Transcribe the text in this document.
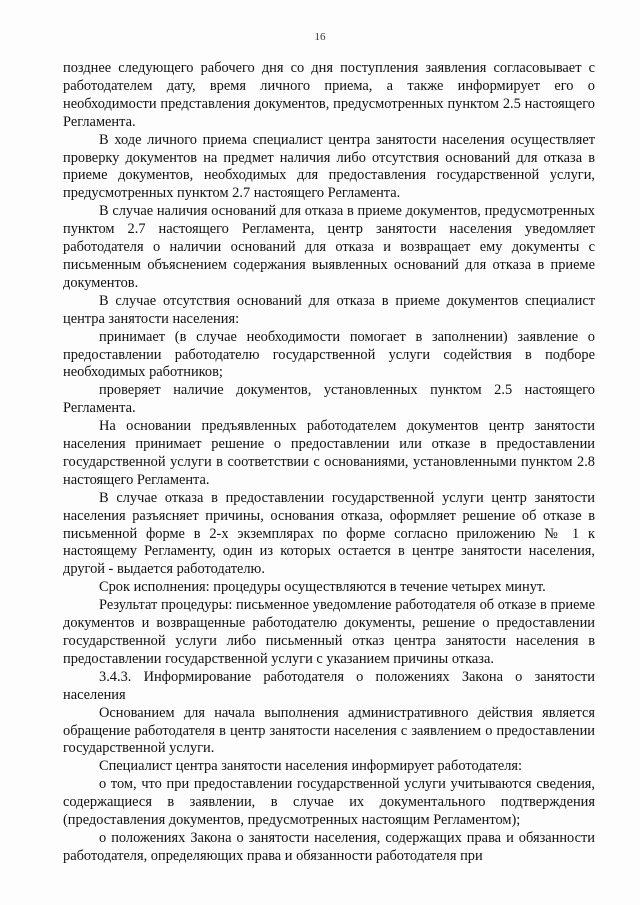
16

позднее следующего рабочего дня со дня поступления заявления согласовывает с работодателем дату, время личного приема, а также информирует его о необходимости представления документов, предусмотренных пунктом 2.5 настоящего Регламента.

В ходе личного приема специалист центра занятости населения осуществляет проверку документов на предмет наличия либо отсутствия оснований для отказа в приеме документов, необходимых для предоставления государственной услуги, предусмотренных пунктом 2.7 настоящего Регламента.

В случае наличия оснований для отказа в приеме документов, предусмотренных пунктом 2.7 настоящего Регламента, центр занятости населения уведомляет работодателя о наличии оснований для отказа и возвращает ему документы с письменным объяснением содержания выявленных оснований для отказа в приеме документов.

В случае отсутствия оснований для отказа в приеме документов специалист центра занятости населения:

принимает (в случае необходимости помогает в заполнении) заявление о предоставлении работодателю государственной услуги содействия в подборе необходимых работников;

проверяет наличие документов, установленных пунктом 2.5 настоящего Регламента.

На основании предъявленных работодателем документов центр занятости населения принимает решение о предоставлении или отказе в предоставлении государственной услуги в соответствии с основаниями, установленными пунктом 2.8 настоящего Регламента.

В случае отказа в предоставлении государственной услуги центр занятости населения разъясняет причины, основания отказа, оформляет решение об отказе в письменной форме в 2-х экземплярах по форме согласно приложению № 1 к настоящему Регламенту, один из которых остается в центре занятости населения, другой - выдается работодателю.

Срок исполнения: процедуры осуществляются в течение четырех минут.

Результат процедуры: письменное уведомление работодателя об отказе в приеме документов и возвращенные работодателю документы, решение о предоставлении государственной услуги либо письменный отказ центра занятости населения в предоставлении государственной услуги с указанием причины отказа.

3.4.3. Информирование работодателя о положениях Закона о занятости населения

Основанием для начала выполнения административного действия является обращение работодателя в центр занятости населения с заявлением о предоставлении государственной услуги.

Специалист центра занятости населения информирует работодателя:

о том, что при предоставлении государственной услуги учитываются сведения, содержащиеся в заявлении, в случае их документального подтверждения (предоставления документов, предусмотренных настоящим Регламентом);

о положениях Закона о занятости населения, содержащих права и обязанности работодателя, определяющих права и обязанности работодателя при
